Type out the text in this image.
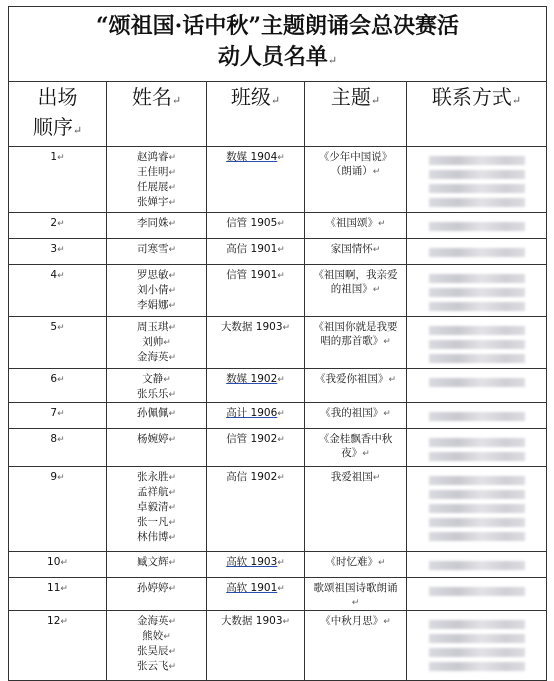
“颂祖国·话中秋”主题朗诵会总决赛活
动人员名单↵				

出场
顺序↵	姓名↵	班级↵	主题↵	联系方式↵
1↵	赵鸿睿↵
王佳明↵
任展展↵
张婵宇↵	数媒 1904↵	《少年中国说》（朗诵）↵	

2↵	李同姝↵	信管 1905↵	《祖国颂》↵	

3↵	司寒雪↵	高信 1901↵	家国情怀↵	

4↵	罗思敏↵
刘小倩↵
李娟娜↵	信管 1901↵	《祖国啊，我亲爱的祖国》↵	

5↵	周玉琪↵
刘帅↵
金海英↵	大数据 1903↵	《祖国你就是我要唱的那首歌》↵	

6↵	文静↵
张乐乐↵	数媒 1902↵	《我爱你祖国》↵	

7↵	孙佩佩↵	高计 1906↵	《我的祖国》↵	

8↵	杨婉婷↵	信管 1902↵	《金桂飘香中秋夜》↵	

9↵	张永胜↵
孟祥航↵
卓毅清↵
张一凡↵
林伟博↵	高信 1902↵	我爱祖国↵	

10↵	臧文辉↵	高软 1903↵	《时忆难》↵	

11↵	孙婷婷↵	高软 1901↵	歌颂祖国诗歌朗诵↵	

12↵	金海英↵
熊姣↵
张昊辰↵
张云飞↵	大数据 1903↵	《中秋月思》↵	
